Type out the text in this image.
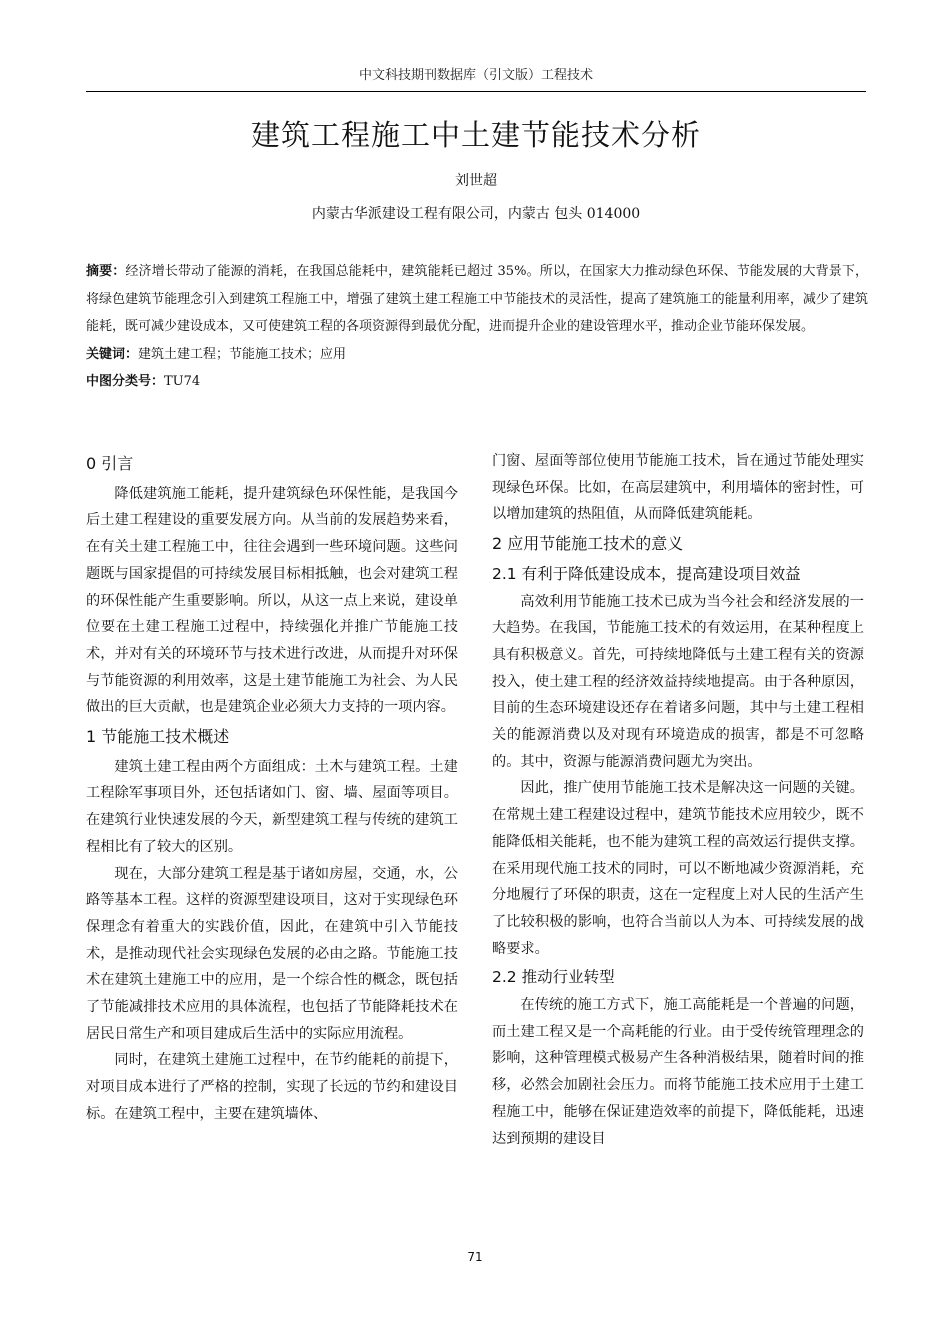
中文科技期刊数据库（引文版）工程技术
建筑工程施工中土建节能技术分析
刘世超
内蒙古华派建设工程有限公司，内蒙古 包头 014000

摘要：经济增长带动了能源的消耗，在我国总能耗中，建筑能耗已超过 35%。所以，在国家大力推动绿色环保、节能发展的大背景下，将绿色建筑节能理念引入到建筑工程施工中，增强了建筑土建工程施工中节能技术的灵活性，提高了建筑施工的能量利用率，减少了建筑能耗，既可减少建设成本，又可使建筑工程的各项资源得到最优分配，进而提升企业的建设管理水平，推动企业节能环保发展。

关键词：建筑土建工程；节能施工技术；应用

中图分类号：TU74

0 引言

降低建筑施工能耗，提升建筑绿色环保性能，是我国今后土建工程建设的重要发展方向。从当前的发展趋势来看，在有关土建工程施工中，往往会遇到一些环境问题。这些问题既与国家提倡的可持续发展目标相抵触，也会对建筑工程的环保性能产生重要影响。所以，从这一点上来说，建设单位要在土建工程施工过程中，持续强化并推广节能施工技术，并对有关的环境环节与技术进行改进，从而提升对环保与节能资源的利用效率，这是土建节能施工为社会、为人民做出的巨大贡献，也是建筑企业必须大力支持的一项内容。

1 节能施工技术概述

建筑土建工程由两个方面组成：土木与建筑工程。土建工程除军事项目外，还包括诸如门、窗、墙、屋面等项目。在建筑行业快速发展的今天，新型建筑工程与传统的建筑工程相比有了较大的区别。

现在，大部分建筑工程是基于诸如房屋，交通，水，公路等基本工程。这样的资源型建设项目，这对于实现绿色环保理念有着重大的实践价值，因此，在建筑中引入节能技术，是推动现代社会实现绿色发展的必由之路。节能施工技术在建筑土建施工中的应用，是一个综合性的概念，既包括了节能减排技术应用的具体流程，也包括了节能降耗技术在居民日常生产和项目建成后生活中的实际应用流程。

同时，在建筑土建施工过程中，在节约能耗的前提下，对项目成本进行了严格的控制，实现了长远的节约和建设目标。在建筑工程中，主要在建筑墙体、

门窗、屋面等部位使用节能施工技术，旨在通过节能处理实现绿色环保。比如，在高层建筑中，利用墙体的密封性，可以增加建筑的热阻值，从而降低建筑能耗。

2 应用节能施工技术的意义
2.1 有利于降低建设成本，提高建设项目效益

高效利用节能施工技术已成为当今社会和经济发展的一大趋势。在我国，节能施工技术的有效运用，在某种程度上具有积极意义。首先，可持续地降低与土建工程有关的资源投入，使土建工程的经济效益持续地提高。由于各种原因，目前的生态环境建设还存在着诸多问题，其中与土建工程相关的能源消费以及对现有环境造成的损害，都是不可忽略的。其中，资源与能源消费问题尤为突出。

因此，推广使用节能施工技术是解决这一问题的关键。在常规土建工程建设过程中，建筑节能技术应用较少，既不能降低相关能耗，也不能为建筑工程的高效运行提供支撑。在采用现代施工技术的同时，可以不断地减少资源消耗，充分地履行了环保的职责，这在一定程度上对人民的生活产生了比较积极的影响，也符合当前以人为本、可持续发展的战略要求。

2.2 推动行业转型

在传统的施工方式下，施工高能耗是一个普遍的问题，而土建工程又是一个高耗能的行业。由于受传统管理理念的影响，这种管理模式极易产生各种消极结果，随着时间的推移，必然会加剧社会压力。而将节能施工技术应用于土建工程施工中，能够在保证建造效率的前提下，降低能耗，迅速达到预期的建设目

71
